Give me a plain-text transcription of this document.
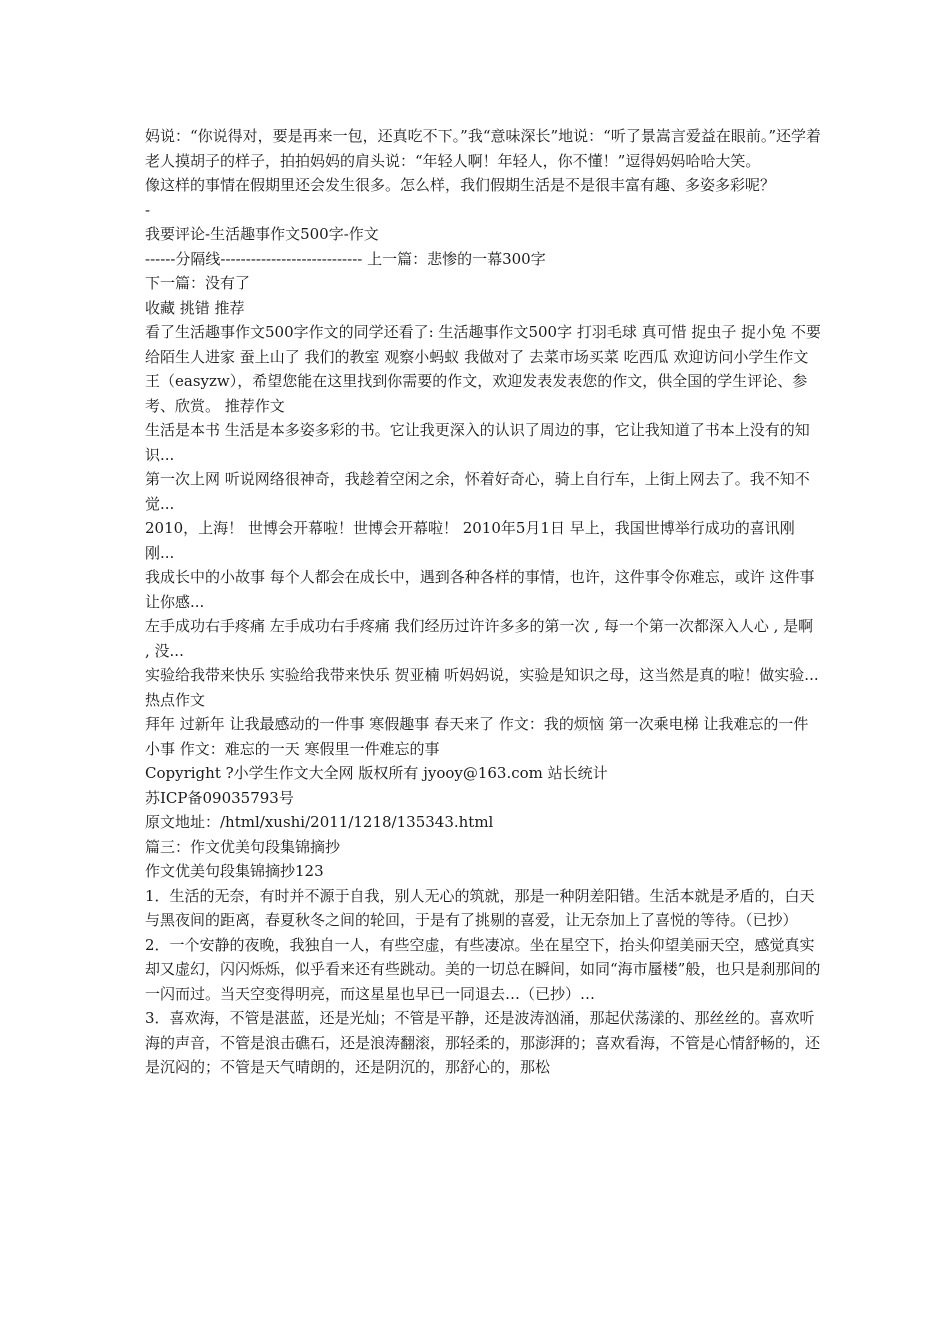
妈说：“你说得对，要是再来一包，还真吃不下。”我“意味深长”地说：“听了景嵩言爱益在眼前。”还学着老人摸胡子的样子，拍拍妈妈的肩头说：“年轻人啊！年轻人，你不懂！”逗得妈妈哈哈大笑。

像这样的事情在假期里还会发生很多。怎么样，我们假期生活是不是很丰富有趣、多姿多彩呢？

-

我要评论-生活趣事作文500字-作文

------分隔线---------------------------- 上一篇：悲惨的一幕300字

下一篇：没有了

收藏 挑错 推荐

看了生活趣事作文500字作文的同学还看了: 生活趣事作文500字 打羽毛球 真可惜 捉虫子 捉小兔 不要给陌生人进家 蚕上山了 我们的教室 观察小蚂蚁 我做对了 去菜市场买菜 吃西瓜 欢迎访问小学生作文王（easyzw），希望您能在这里找到你需要的作文，欢迎发表发表您的作文，供全国的学生评论、参考、欣赏。 推荐作文

生活是本书 生活是本多姿多彩的书。它让我更深入的认识了周边的事，它让我知道了书本上没有的知识...

第一次上网 听说网络很神奇，我趁着空闲之余，怀着好奇心，骑上自行车，上街上网去了。我不知不觉...

2010，上海！ 世博会开幕啦！世博会开幕啦！ 2010年5月1日 早上，我国世博举行成功的喜讯刚刚...

我成长中的小故事 每个人都会在成长中，遇到各种各样的事情，也许，这件事令你难忘，或许 这件事让你感...

左手成功右手疼痛 左手成功右手疼痛 我们经历过许许多多的第一次 , 每一个第一次都深入人心 , 是啊 , 没...

实验给我带来快乐 实验给我带来快乐 贺亚楠 听妈妈说，实验是知识之母，这当然是真的啦！做实验...

热点作文

拜年 过新年 让我最感动的一件事 寒假趣事 春天来了 作文：我的烦恼 第一次乘电梯 让我难忘的一件小事 作文：难忘的一天 寒假里一件难忘的事

Copyright ?小学生作文大全网 版权所有 jyooy@163.com 站长统计

苏ICP备09035793号

原文地址：/html/xushi/2011/1218/135343.html

篇三：作文优美句段集锦摘抄

作文优美句段集锦摘抄123

1．生活的无奈，有时并不源于自我，别人无心的筑就，那是一种阴差阳错。生活本就是矛盾的，白天与黑夜间的距离，春夏秋冬之间的轮回，于是有了挑剔的喜爱，让无奈加上了喜悦的等待。（已抄）

2．一个安静的夜晚，我独自一人，有些空虚，有些凄凉。坐在星空下，抬头仰望美丽天空，感觉真实却又虚幻，闪闪烁烁，似乎看来还有些跳动。美的一切总在瞬间，如同“海市蜃楼”般，也只是刹那间的一闪而过。当天空变得明亮，而这星星也早已一同退去…（已抄）…

3．喜欢海，不管是湛蓝，还是光灿；不管是平静，还是波涛汹涌，那起伏荡漾的、那丝丝的。喜欢听海的声音，不管是浪击礁石，还是浪涛翻滚，那轻柔的，那澎湃的；喜欢看海，不管是心情舒畅的，还是沉闷的；不管是天气晴朗的，还是阴沉的，那舒心的，那松
